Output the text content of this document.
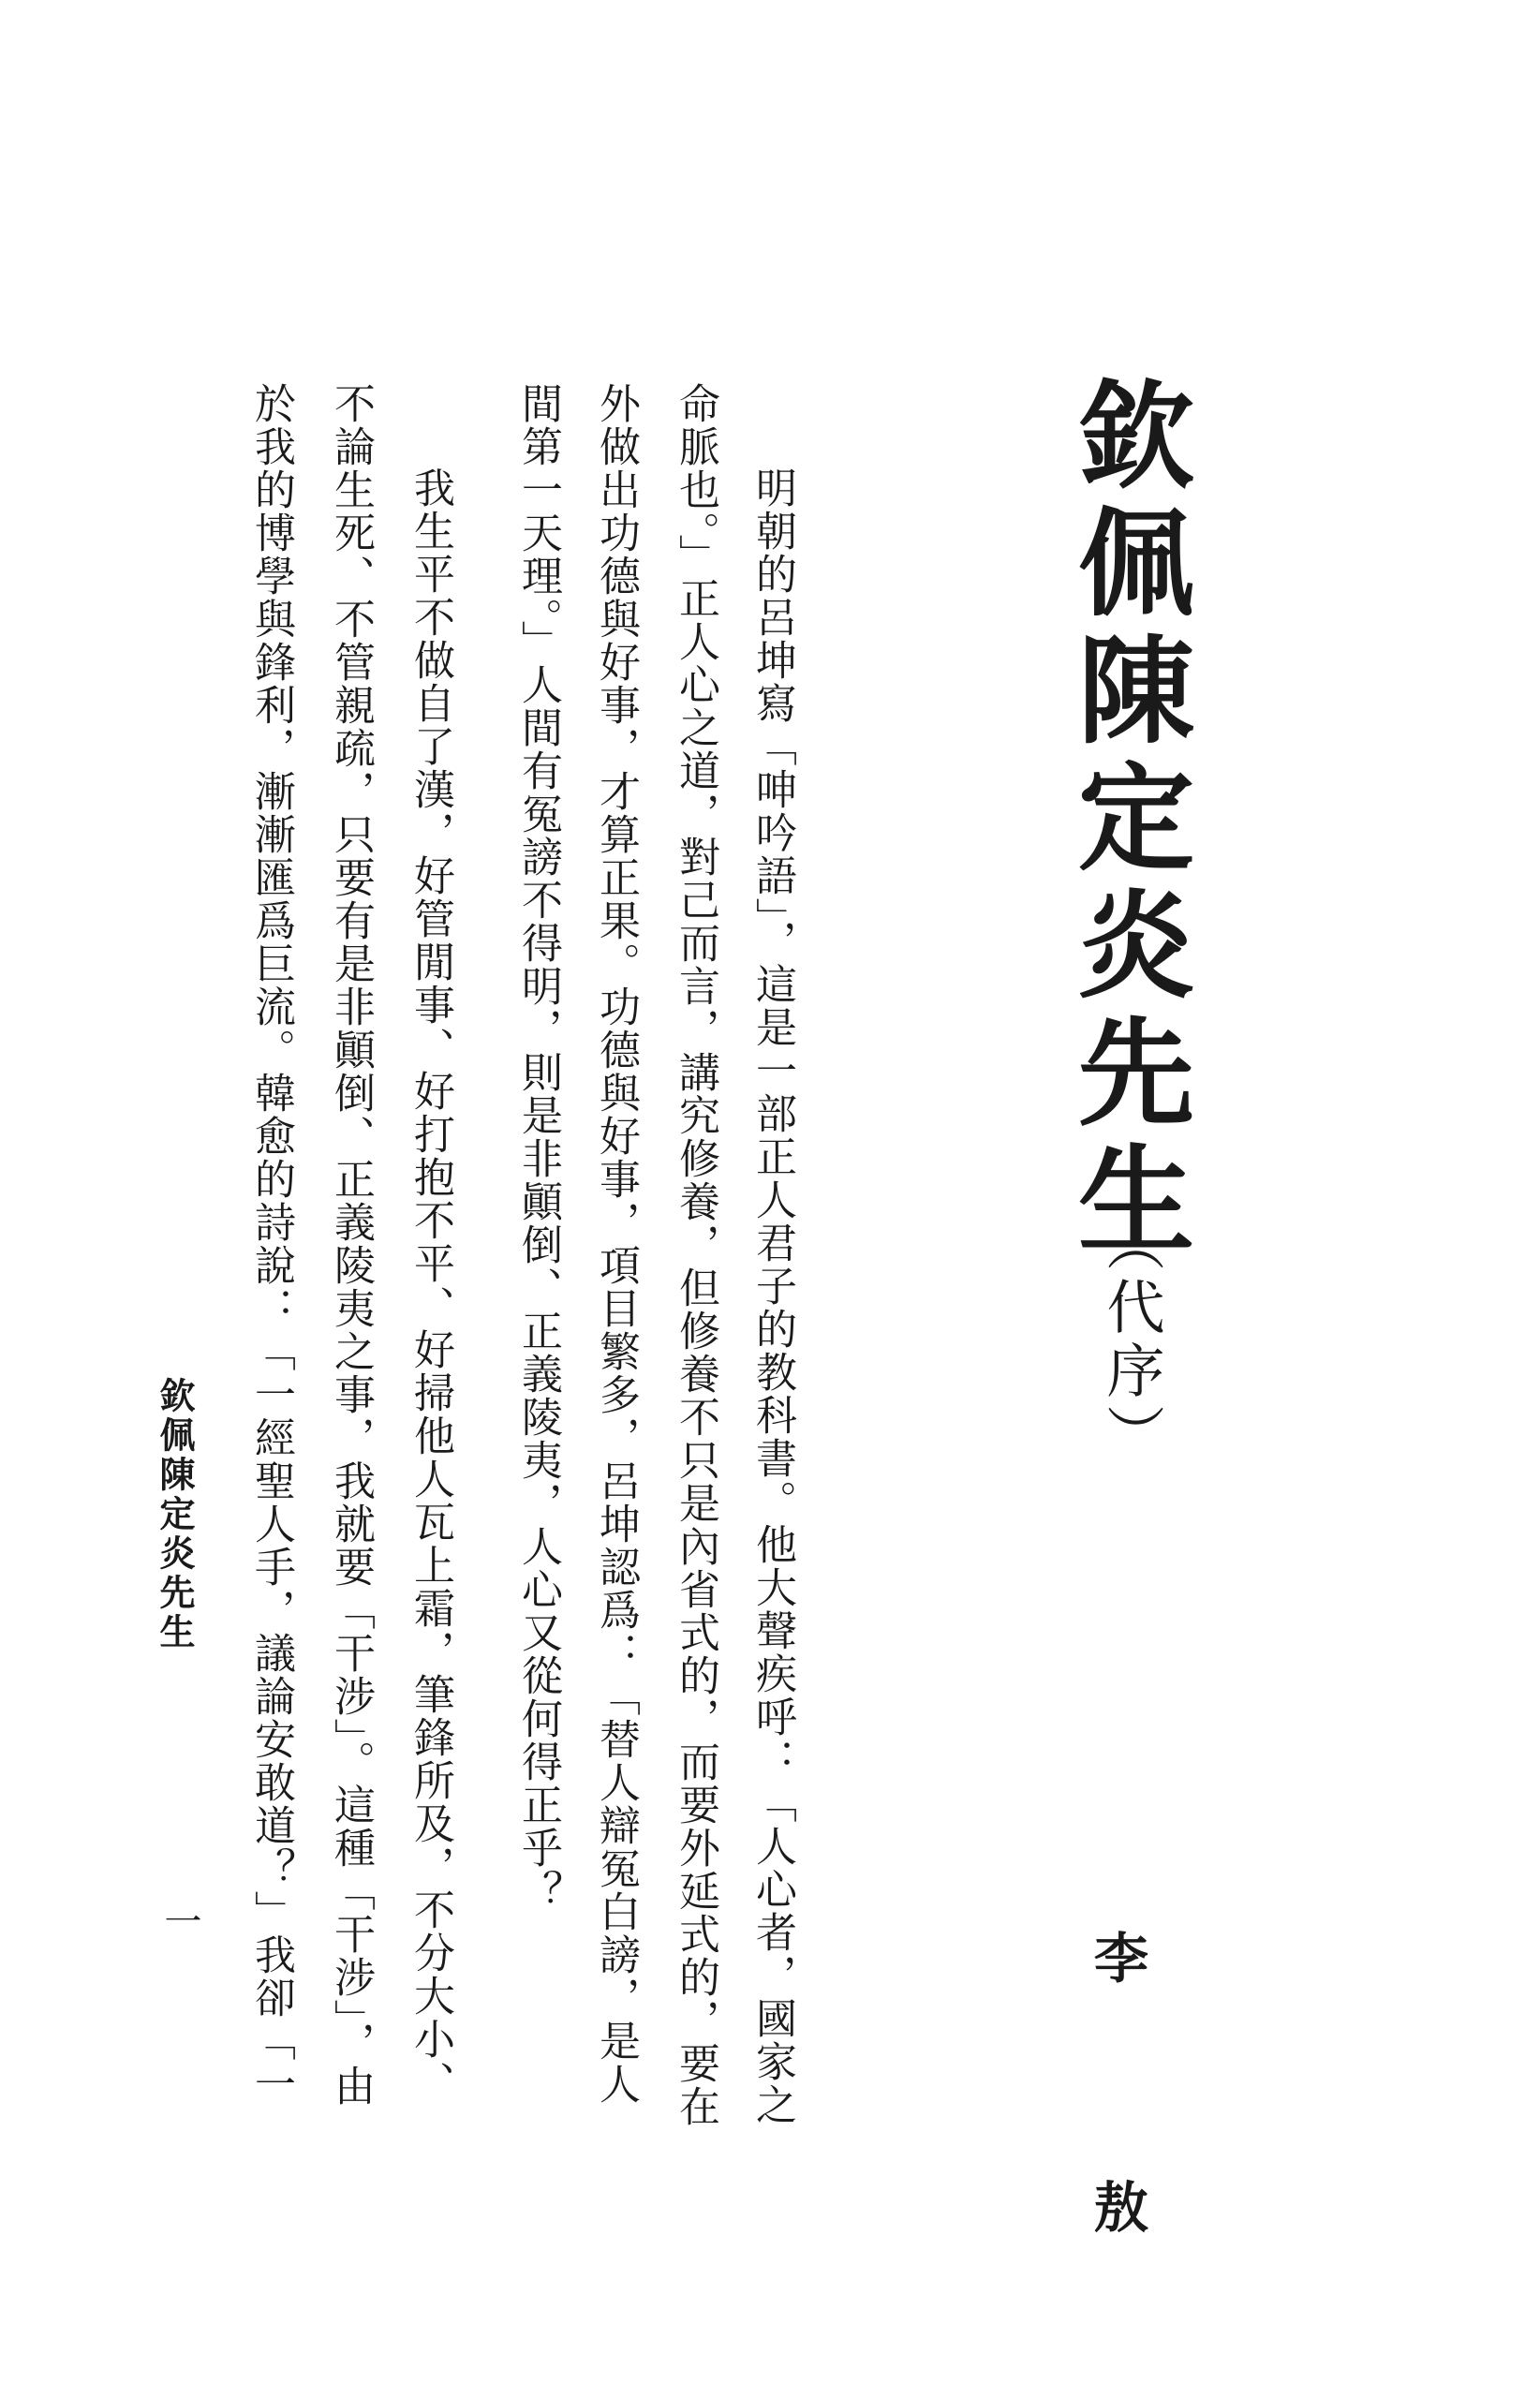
欽佩陳定炎先生
（代序）
李 敖
明朝的呂坤寫「呻吟語」，這是一部正人君子的教科書。他大聲疾呼：「人心者，國家之
命脈也。」正人心之道，對己而言，講究修養，但修養不只是內省式的，而要外延式的，要在
外做出功德與好事，才算正果。功德與好事，項目繁多，呂坤認爲：「替人辯冤白謗，是人
間第一天理。」人間有冤謗不得明，則是非顚倒、正義陵夷，人心又從何得正乎？
我生平不做自了漢，好管閒事、好打抱不平、好掃他人瓦上霜，筆鋒所及，不分大小、
不論生死、不管親疏，只要有是非顚倒、正義陵夷之事，我就要「干涉」。這種「干涉」，由
於我的博學與鋒利，漸漸匯爲巨流。韓愈的詩說：「一經聖人手，議論安敢道？」我卻「一
欽佩陳定炎先生
一
